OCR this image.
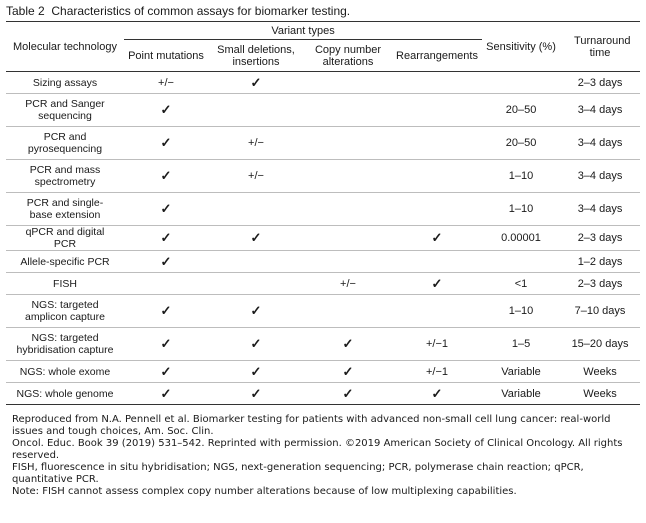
Table 2 Characteristics of common assays for biomarker testing.
Molecular technology	Variant types				Sensitivity (%)	Turnaround time
	Point mutations	Small deletions, insertions	Copy number alterations	Rearrangements		
Sizing assays	+/−	✓				2–3 days
PCR and Sanger sequencing	✓				20–50	3–4 days
PCR and pyrosequencing	✓	+/−			20–50	3–4 days
PCR and mass spectrometry	✓	+/−			1–10	3–4 days
PCR and single-base extension	✓				1–10	3–4 days
qPCR and digital PCR	✓	✓		✓	0.00001	2–3 days
Allele-specific PCR	✓					1–2 days
FISH			+/−	✓	<1	2–3 days
NGS: targeted amplicon capture	✓	✓			1–10	7–10 days
NGS: targeted hybridisation capture	✓	✓	✓	+/−1	1–5	15–20 days
NGS: whole exome	✓	✓	✓	+/−1	Variable	Weeks
NGS: whole genome	✓	✓	✓	✓	Variable	Weeks

Reproduced from N.A. Pennell et al. Biomarker testing for patients with advanced non-small cell lung cancer: real-world issues and tough choices, Am. Soc. Clin.

Oncol. Educ. Book 39 (2019) 531–542. Reprinted with permission. ©2019 American Society of Clinical Oncology. All rights reserved.

FISH, fluorescence in situ hybridisation; NGS, next-generation sequencing; PCR, polymerase chain reaction; qPCR, quantitative PCR.

Note: FISH cannot assess complex copy number alterations because of low multiplexing capabilities.
